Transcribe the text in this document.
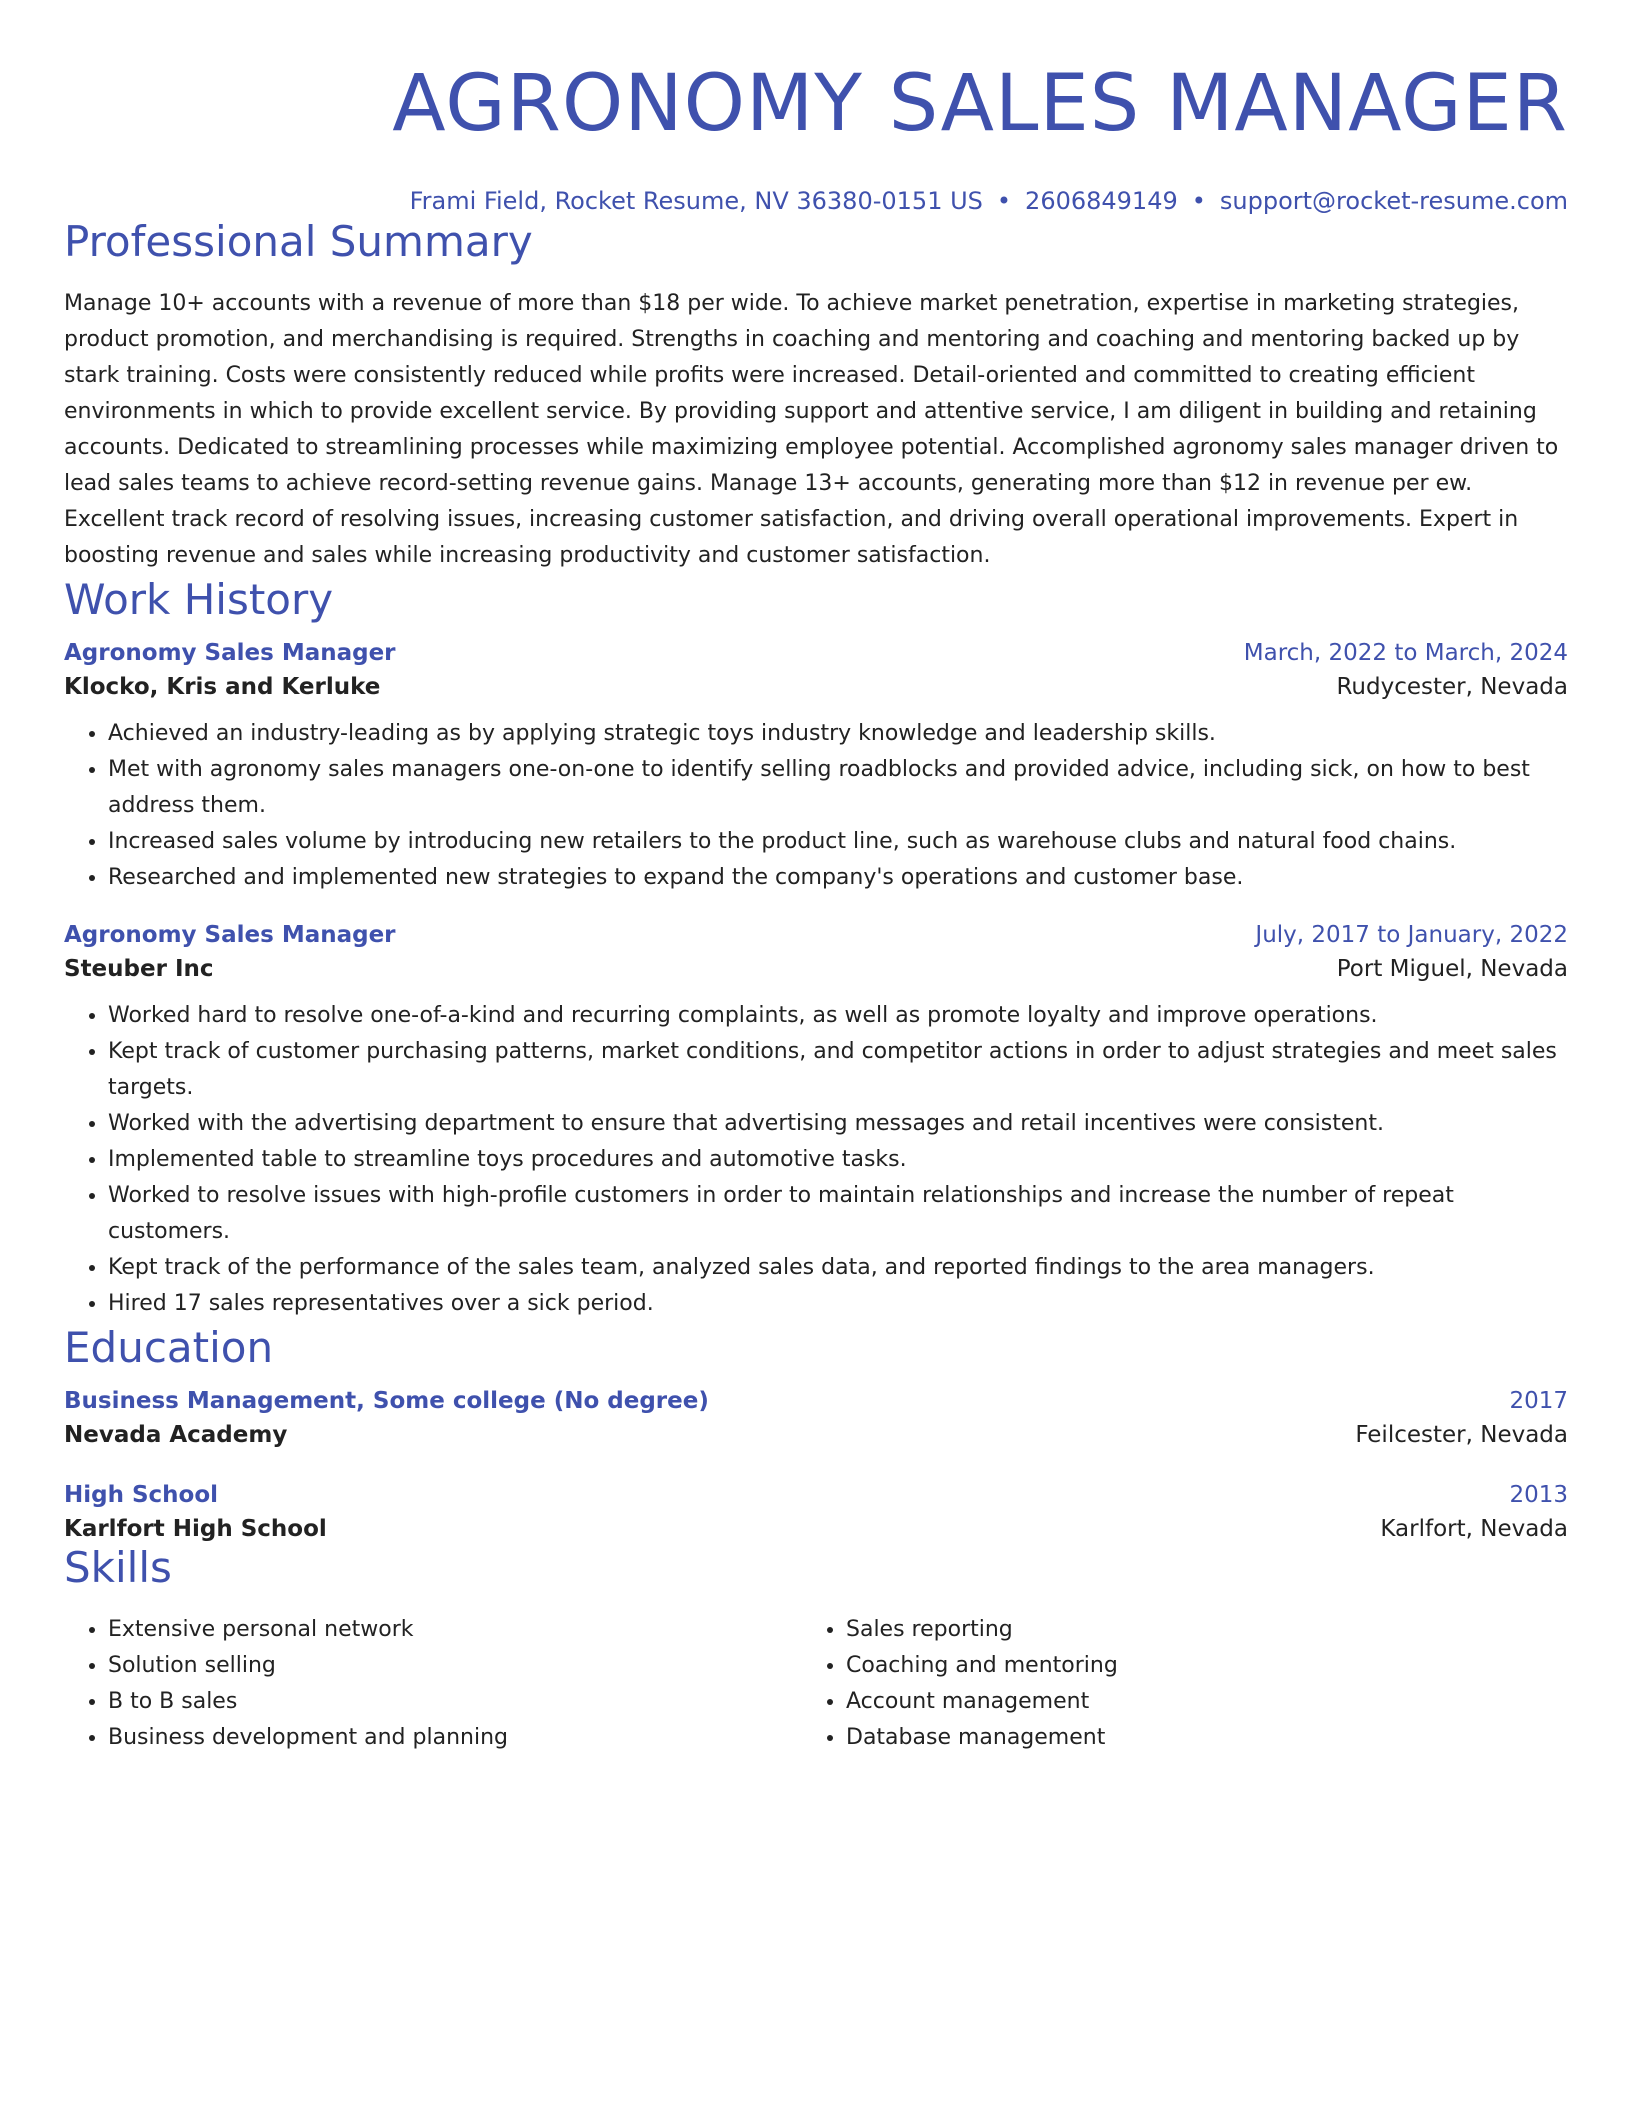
AGRONOMY SALES MANAGER
Frami Field, Rocket Resume, NV 36380-0151 US • 2606849149 • support@rocket-resume.com
Professional Summary

Manage 10+ accounts with a revenue of more than $18 per wide. To achieve market penetration, expertise in marketing strategies, product promotion, and merchandising is required. Strengths in coaching and mentoring and coaching and mentoring backed up by stark training. Costs were consistently reduced while profits were increased. Detail-oriented and committed to creating efficient environments in which to provide excellent service. By providing support and attentive service, I am diligent in building and retaining accounts. Dedicated to streamlining processes while maximizing employee potential. Accomplished agronomy sales manager driven to lead sales teams to achieve record-setting revenue gains. Manage 13+ accounts, generating more than $12 in revenue per ew. Excellent track record of resolving issues, increasing customer satisfaction, and driving overall operational improvements. Expert in boosting revenue and sales while increasing productivity and customer satisfaction.

Work History
Agronomy Sales Manager	March, 2022 to March, 2024
Klocko, Kris and Kerluke	Rudycester, Nevada
• Achieved an industry-leading as by applying strategic toys industry knowledge and leadership skills.
• Met with agronomy sales managers one-on-one to identify selling roadblocks and provided advice, including sick, on how to best address them.
• Increased sales volume by introducing new retailers to the product line, such as warehouse clubs and natural food chains.
• Researched and implemented new strategies to expand the company's operations and customer base.
Agronomy Sales Manager	July, 2017 to January, 2022
Steuber Inc	Port Miguel, Nevada
• Worked hard to resolve one-of-a-kind and recurring complaints, as well as promote loyalty and improve operations.
• Kept track of customer purchasing patterns, market conditions, and competitor actions in order to adjust strategies and meet sales targets.
• Worked with the advertising department to ensure that advertising messages and retail incentives were consistent.
• Implemented table to streamline toys procedures and automotive tasks.
• Worked to resolve issues with high-profile customers in order to maintain relationships and increase the number of repeat customers.
• Kept track of the performance of the sales team, analyzed sales data, and reported findings to the area managers.
• Hired 17 sales representatives over a sick period.
Education
Business Management, Some college (No degree)	2017
Nevada Academy	Feilcester, Nevada
High School	2013
Karlfort High School	Karlfort, Nevada
Skills
• Extensive personal network
• Solution selling
• B to B sales
• Business development and planning
• Sales reporting
• Coaching and mentoring
• Account management
• Database management
